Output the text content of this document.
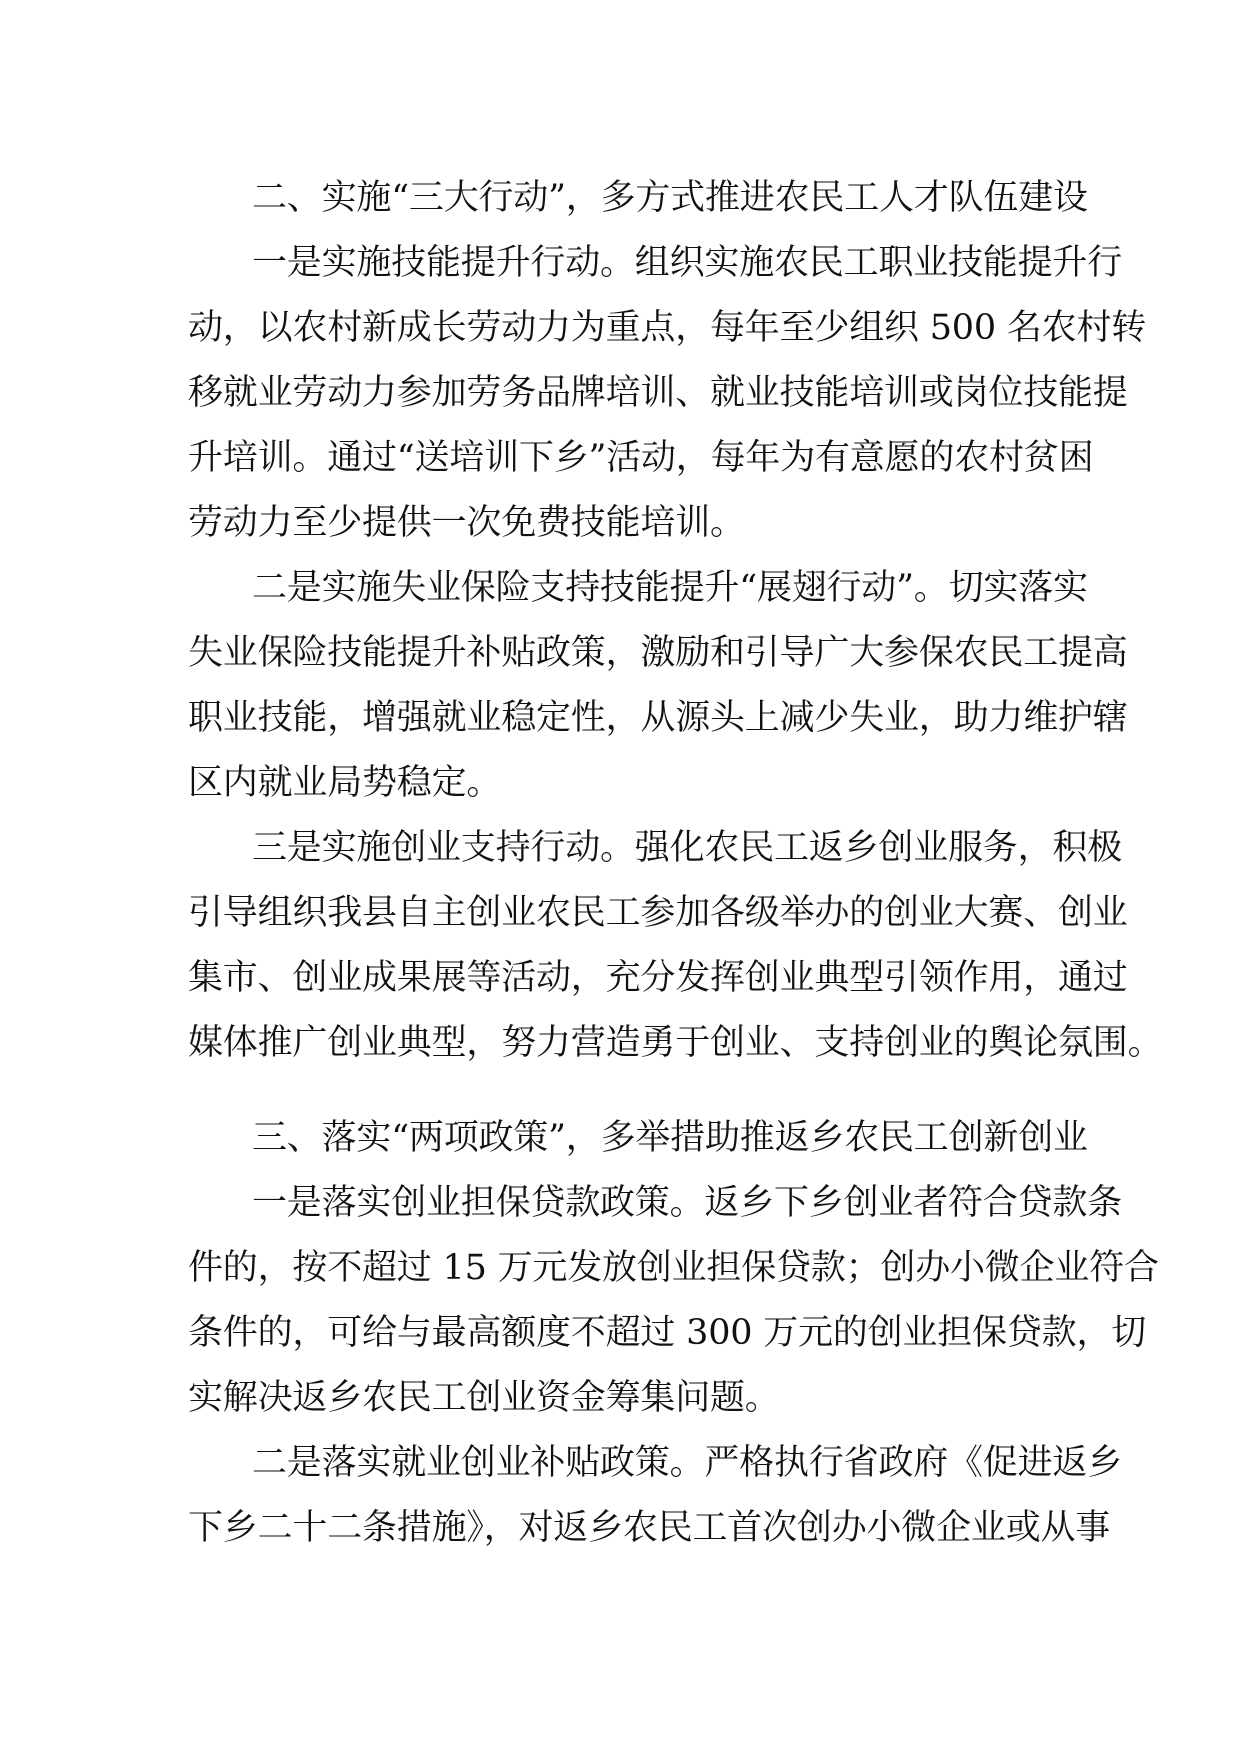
二、实施“三大行动”，多方式推进农民工人才队伍建设
一是实施技能提升行动。组织实施农民工职业技能提升行
动，以农村新成长劳动力为重点，每年至少组织 500 名农村转
移就业劳动力参加劳务品牌培训、就业技能培训或岗位技能提
升培训。通过“送培训下乡”活动，每年为有意愿的农村贫困
劳动力至少提供一次免费技能培训。
二是实施失业保险支持技能提升“展翅行动”。切实落实
失业保险技能提升补贴政策，激励和引导广大参保农民工提高
职业技能，增强就业稳定性，从源头上减少失业，助力维护辖
区内就业局势稳定。
三是实施创业支持行动。强化农民工返乡创业服务，积极
引导组织我县自主创业农民工参加各级举办的创业大赛、创业
集市、创业成果展等活动，充分发挥创业典型引领作用，通过
媒体推广创业典型，努力营造勇于创业、支持创业的舆论氛围。
三、落实“两项政策”，多举措助推返乡农民工创新创业
一是落实创业担保贷款政策。返乡下乡创业者符合贷款条
件的，按不超过 15 万元发放创业担保贷款；创办小微企业符合
条件的，可给与最高额度不超过 300 万元的创业担保贷款，切
实解决返乡农民工创业资金筹集问题。
二是落实就业创业补贴政策。严格执行省政府《促进返乡
下乡二十二条措施》，对返乡农民工首次创办小微企业或从事
